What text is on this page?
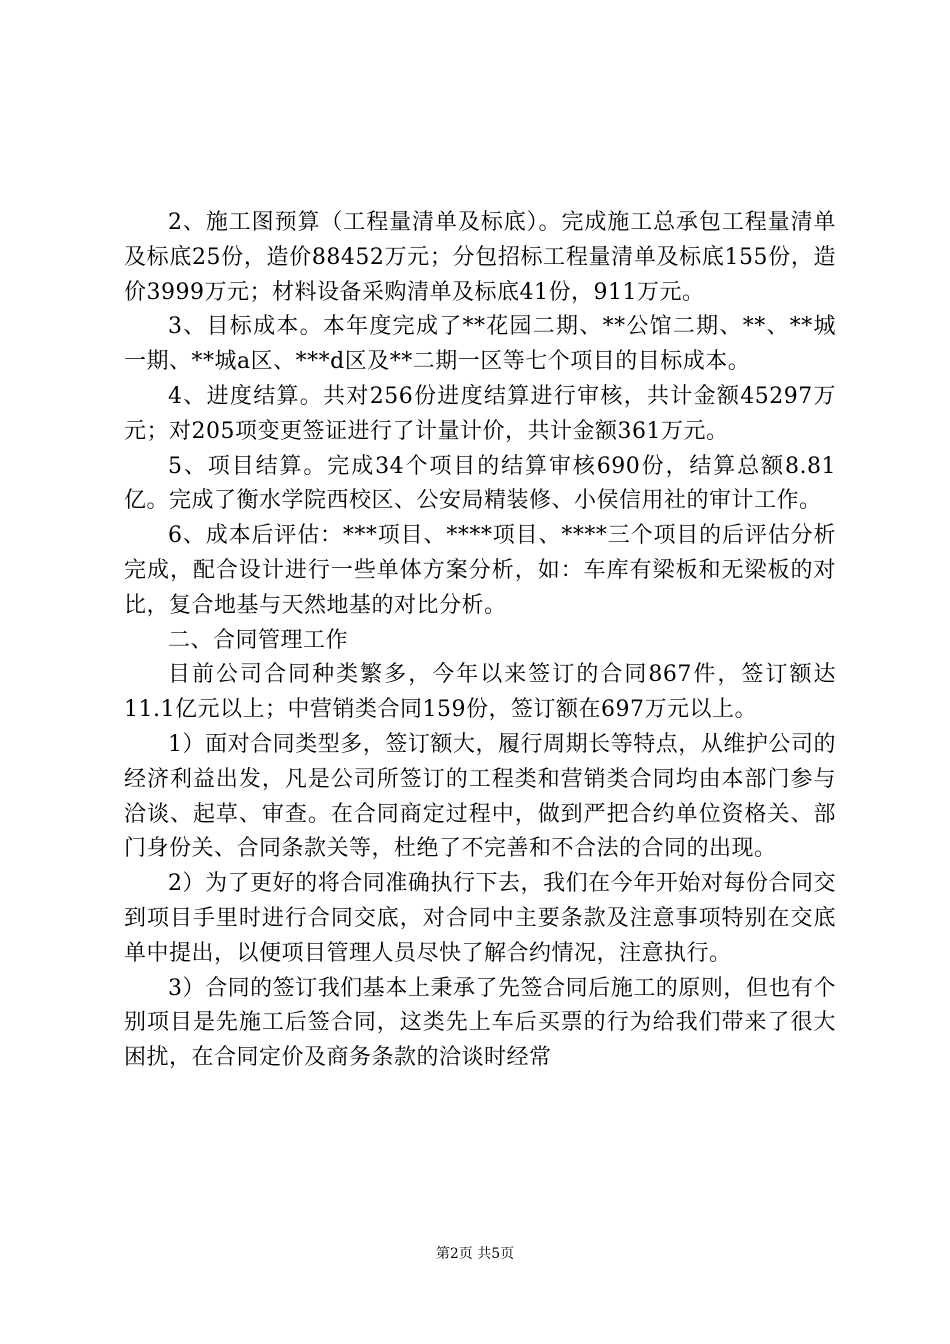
2、施工图预算（工程量清单及标底）。完成施工总承包工程量清单及标底25份，造价88452万元；分包招标工程量清单及标底155份，造价3999万元；材料设备采购清单及标底41份，911万元。

3、目标成本。本年度完成了**花园二期、**公馆二期、**、**城一期、**城a区、***d区及**二期一区等七个项目的目标成本。

4、进度结算。共对256份进度结算进行审核，共计金额45297万元；对205项变更签证进行了计量计价，共计金额361万元。

5、项目结算。完成34个项目的结算审核690份，结算总额8.81亿。完成了衡水学院西校区、公安局精装修、小侯信用社的审计工作。

6、成本后评估：***项目、****项目、****三个项目的后评估分析完成，配合设计进行一些单体方案分析，如：车库有梁板和无梁板的对比，复合地基与天然地基的对比分析。

二、合同管理工作

目前公司合同种类繁多，今年以来签订的合同867件，签订额达11.1亿元以上；中营销类合同159份，签订额在697万元以上。

1）面对合同类型多，签订额大，履行周期长等特点，从维护公司的经济利益出发，凡是公司所签订的工程类和营销类合同均由本部门参与洽谈、起草、审查。在合同商定过程中，做到严把合约单位资格关、部门身份关、合同条款关等，杜绝了不完善和不合法的合同的出现。

2）为了更好的将合同准确执行下去，我们在今年开始对每份合同交到项目手里时进行合同交底，对合同中主要条款及注意事项特别在交底单中提出，以便项目管理人员尽快了解合约情况，注意执行。

3）合同的签订我们基本上秉承了先签合同后施工的原则，但也有个别项目是先施工后签合同，这类先上车后买票的行为给我们带来了很大困扰，在合同定价及商务条款的洽谈时经常

第2页 共5页
